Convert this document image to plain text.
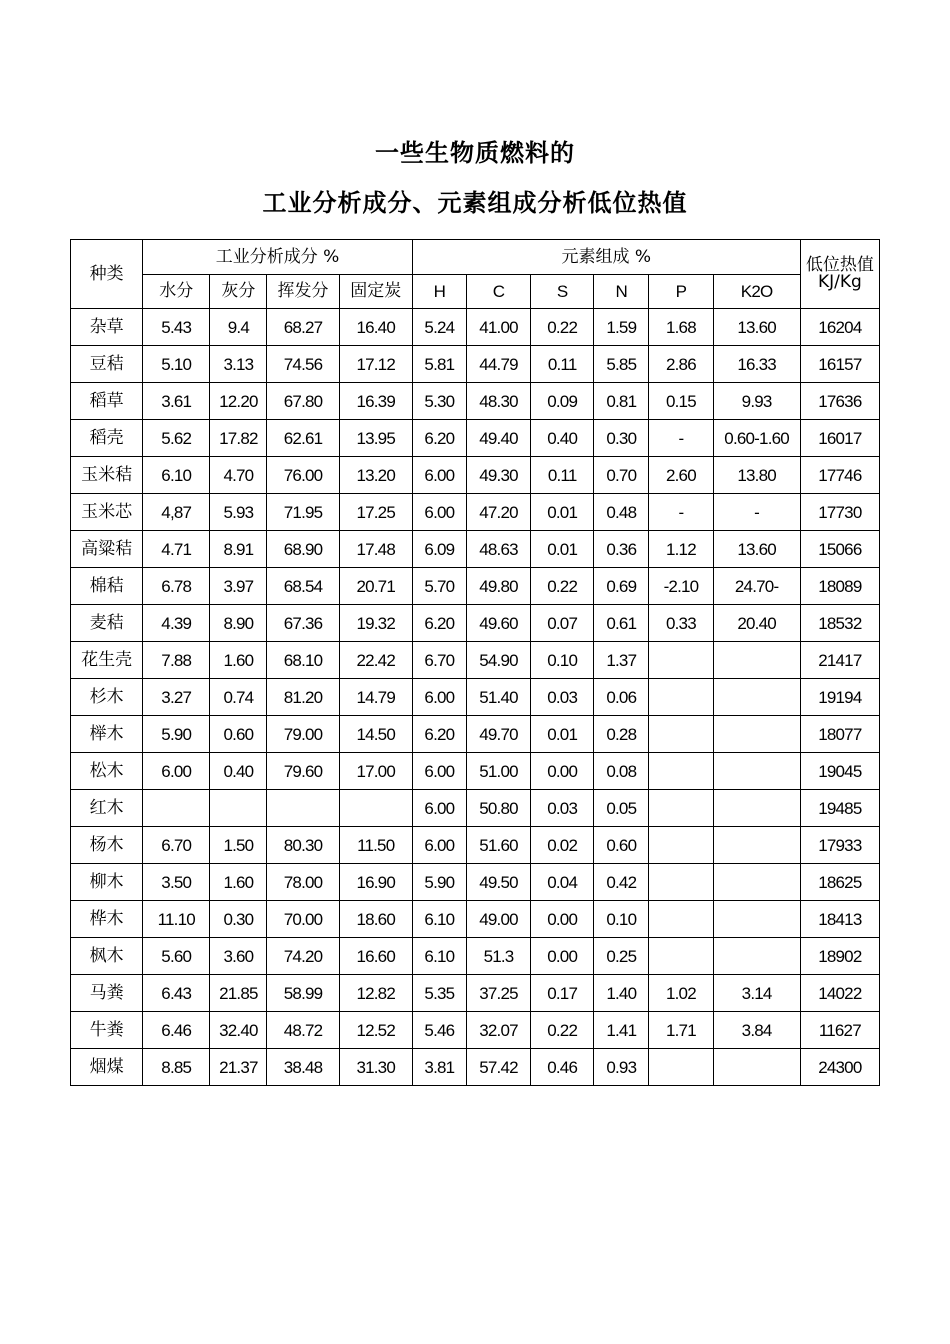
一些生物质燃料的
工业分析成分、元素组成分析低位热值
种类	工业分析成分 %				元素组成 %						低位热值 KJ/Kg
	水分	灰分	挥发分	固定炭	H	C	S	N	P	K2O	
杂草	5.43	9.4	68.27	16.40	5.24	41.00	0.22	1.59	1.68	13.60	16204
豆秸	5.10	3.13	74.56	17.12	5.81	44.79	0.11	5.85	2.86	16.33	16157
稻草	3.61	12.20	67.80	16.39	5.30	48.30	0.09	0.81	0.15	9.93	17636
稻壳	5.62	17.82	62.61	13.95	6.20	49.40	0.40	0.30	-	0.60-1.60	16017
玉米秸	6.10	4.70	76.00	13.20	6.00	49.30	0.11	0.70	2.60	13.80	17746
玉米芯	4,87	5.93	71.95	17.25	6.00	47.20	0.01	0.48	-	-	17730
高粱秸	4.71	8.91	68.90	17.48	6.09	48.63	0.01	0.36	1.12	13.60	15066
棉秸	6.78	3.97	68.54	20.71	5.70	49.80	0.22	0.69	-2.10	24.70-	18089
麦秸	4.39	8.90	67.36	19.32	6.20	49.60	0.07	0.61	0.33	20.40	18532
花生壳	7.88	1.60	68.10	22.42	6.70	54.90	0.10	1.37			21417
杉木	3.27	0.74	81.20	14.79	6.00	51.40	0.03	0.06			19194
榉木	5.90	0.60	79.00	14.50	6.20	49.70	0.01	0.28			18077
松木	6.00	0.40	79.60	17.00	6.00	51.00	0.00	0.08			19045
红木					6.00	50.80	0.03	0.05			19485
杨木	6.70	1.50	80.30	11.50	6.00	51.60	0.02	0.60			17933
柳木	3.50	1.60	78.00	16.90	5.90	49.50	0.04	0.42			18625
桦木	11.10	0.30	70.00	18.60	6.10	49.00	0.00	0.10			18413
枫木	5.60	3.60	74.20	16.60	6.10	51.3	0.00	0.25			18902
马粪	6.43	21.85	58.99	12.82	5.35	37.25	0.17	1.40	1.02	3.14	14022
牛粪	6.46	32.40	48.72	12.52	5.46	32.07	0.22	1.41	1.71	3.84	11627
烟煤	8.85	21.37	38.48	31.30	3.81	57.42	0.46	0.93			24300
